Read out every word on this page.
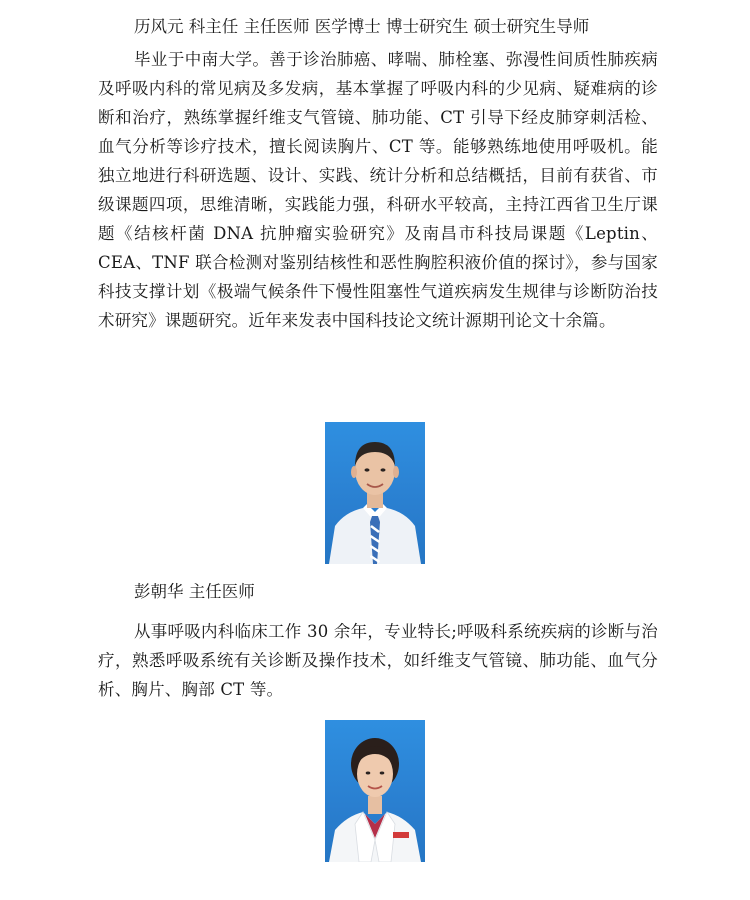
历风元 科主任 主任医师 医学博士 博士研究生 硕士研究生导师

毕业于中南大学。善于诊治肺癌、哮喘、肺栓塞、弥漫性间质性肺疾病及呼吸内科的常见病及多发病，基本掌握了呼吸内科的少见病、疑难病的诊断和治疗，熟练掌握纤维支气管镜、肺功能、CT 引导下经皮肺穿刺活检、血气分析等诊疗技术，擅长阅读胸片、CT 等。能够熟练地使用呼吸机。能独立地进行科研选题、设计、实践、统计分析和总结概括，目前有获省、市级课题四项，思维清晰，实践能力强，科研水平较高，主持江西省卫生厅课题《结核杆菌 DNA 抗肿瘤实验研究》及南昌市科技局课题《Leptin、CEA、TNF 联合检测对鉴别结核性和恶性胸腔积液价值的探讨》，参与国家科技支撑计划《极端气候条件下慢性阻塞性气道疾病发生规律与诊断防治技术研究》课题研究。近年来发表中国科技论文统计源期刊论文十余篇。

彭朝华 主任医师

从事呼吸内科临床工作 30 余年，专业特长;呼吸科系统疾病的诊断与治疗，熟悉呼吸系统有关诊断及操作技术，如纤维支气管镜、肺功能、血气分析、胸片、胸部 CT 等。
